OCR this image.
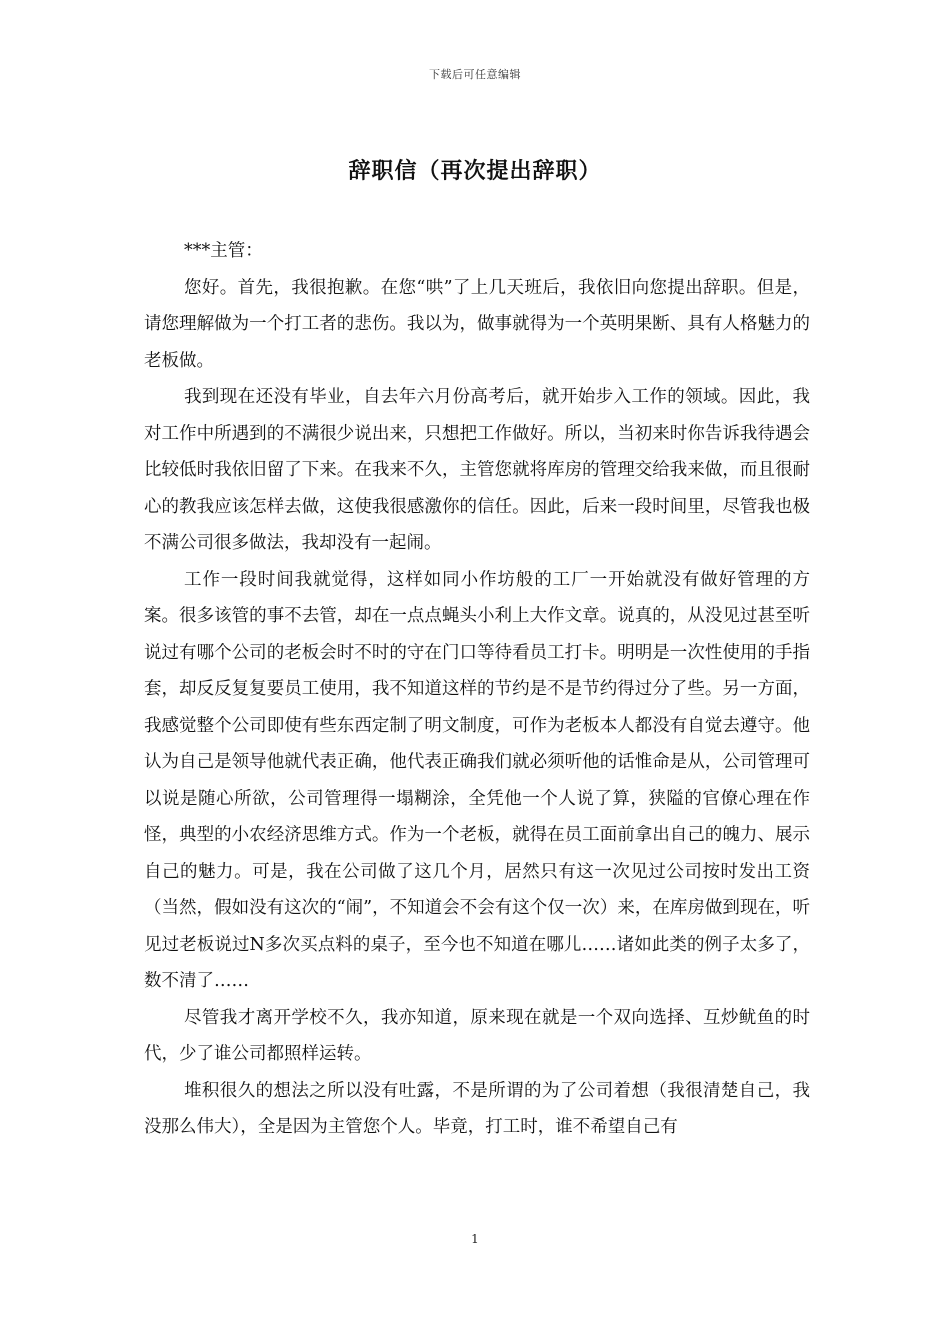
下载后可任意编辑
辞职信（再次提出辞职）

***主管：

您好。首先，我很抱歉。在您“哄”了上几天班后，我依旧向您提出辞职。但是，请您理解做为一个打工者的悲伤。我以为，做事就得为一个英明果断、具有人格魅力的老板做。

我到现在还没有毕业，自去年六月份高考后，就开始步入工作的领域。因此，我对工作中所遇到的不满很少说出来，只想把工作做好。所以，当初来时你告诉我待遇会比较低时我依旧留了下来。在我来不久，主管您就将库房的管理交给我来做，而且很耐心的教我应该怎样去做，这使我很感激你的信任。因此，后来一段时间里，尽管我也极不满公司很多做法，我却没有一起闹。

工作一段时间我就觉得，这样如同小作坊般的工厂一开始就没有做好管理的方案。很多该管的事不去管，却在一点点蝇头小利上大作文章。说真的，从没见过甚至听说过有哪个公司的老板会时不时的守在门口等待看员工打卡。明明是一次性使用的手指套，却反反复复要员工使用，我不知道这样的节约是不是节约得过分了些。另一方面，我感觉整个公司即使有些东西定制了明文制度，可作为老板本人都没有自觉去遵守。他认为自己是领导他就代表正确，他代表正确我们就必须听他的话惟命是从，公司管理可以说是随心所欲，公司管理得一塌糊涂，全凭他一个人说了算，狭隘的官僚心理在作怪，典型的小农经济思维方式。作为一个老板，就得在员工面前拿出自己的魄力、展示自己的魅力。可是，我在公司做了这几个月，居然只有这一次见过公司按时发出工资（当然，假如没有这次的“闹”，不知道会不会有这个仅一次）来，在库房做到现在，听见过老板说过N多次买点料的桌子，至今也不知道在哪儿……诸如此类的例子太多了，数不清了……

尽管我才离开学校不久，我亦知道，原来现在就是一个双向选择、互炒鱿鱼的时代，少了谁公司都照样运转。

堆积很久的想法之所以没有吐露，不是所谓的为了公司着想（我很清楚自己，我没那么伟大），全是因为主管您个人。毕竟，打工时，谁不希望自己有

1
